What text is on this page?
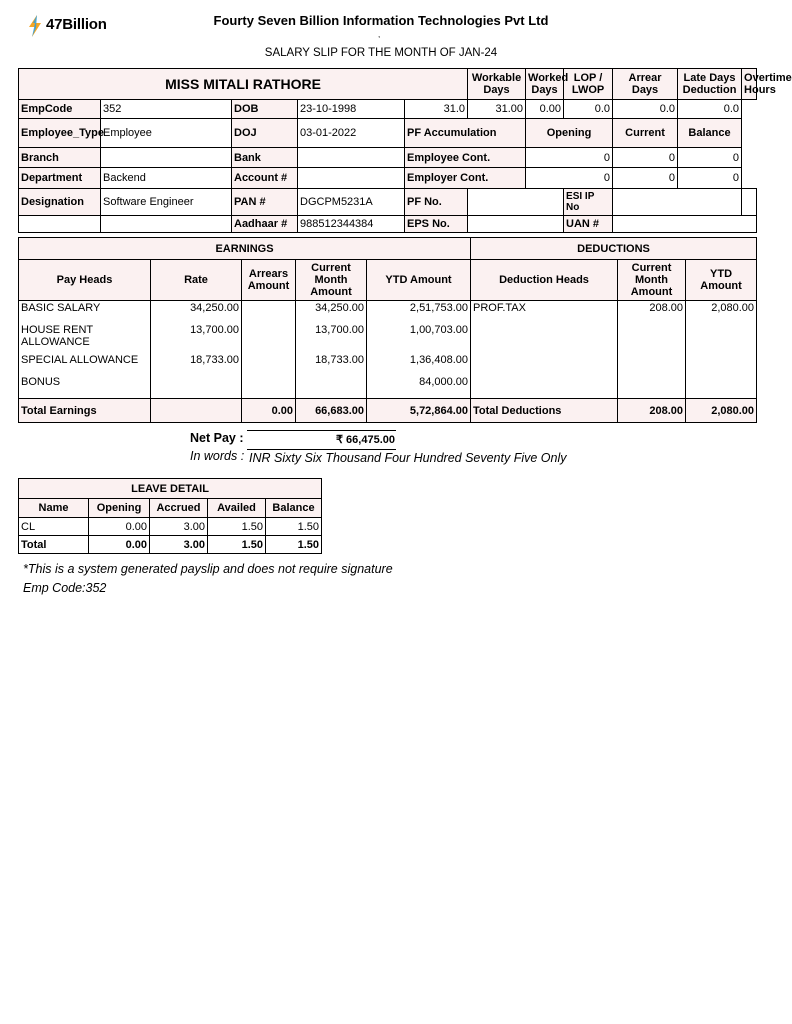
47Billion	Fourty Seven Billion Information Technologies Pvt Ltd
,
SALARY SLIP FOR THE MONTH OF JAN-24
MISS MITALI RATHORE					Workable Days	Worked Days	LOP / LWOP	Arrear Days	Late Days Deduction	Overtime Hours
EmpCode	352	DOB	23-10-1998	31.0	31.00	0.00	0.0	0.0	0.0	
Employee_Type	Employee	DOJ	03-01-2022	PF Accumulation		Opening		Current	Balance	
Branch		Bank		Employee Cont.		0		0	0	
Department	Backend	Account #		Employer Cont.		0		0	0	
Designation	Software Engineer	PAN #	DGCPM5231A	PF No.			ESI IP No			
		Aadhaar #	988512344384	EPS No.			UAN #			
EARNINGS					DEDUCTIONS		
Pay Heads	Rate	Arrears Amount	Current Month Amount	YTD Amount	Deduction Heads	Current Month Amount	YTD Amount
BASIC SALARY	34,250.00		34,250.00	2,51,753.00	PROF.TAX	208.00	2,080.00
HOUSE RENT ALLOWANCE	13,700.00		13,700.00	1,00,703.00			
SPECIAL ALLOWANCE	18,733.00		18,733.00	1,36,408.00			
BONUS				84,000.00			
Total Earnings		0.00	66,683.00	5,72,864.00	Total Deductions	208.00	2,080.00
Net Pay :	₹ 66,475.00
In words : INR Sixty Six Thousand Four Hundred Seventy Five Only
LEAVE DETAIL				
Name	Opening	Accrued	Availed	Balance
CL	0.00	3.00	1.50	1.50
Total	0.00	3.00	1.50	1.50
*This is a system generated payslip and does not require signature
Emp Code:352
